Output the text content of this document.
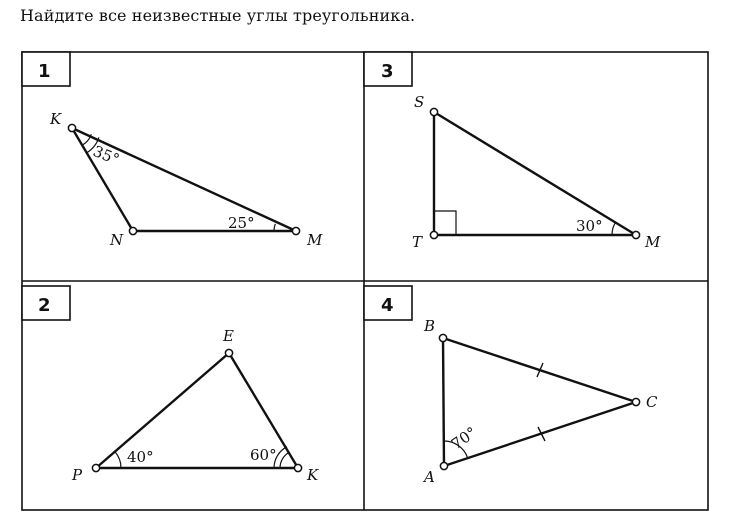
Найдите все неизвестные углы треугольника.
1
K
N	M
35°
25°
3
S
T	M
30°
2
E
P	K
40°	60°
4
B
C
A
70°
